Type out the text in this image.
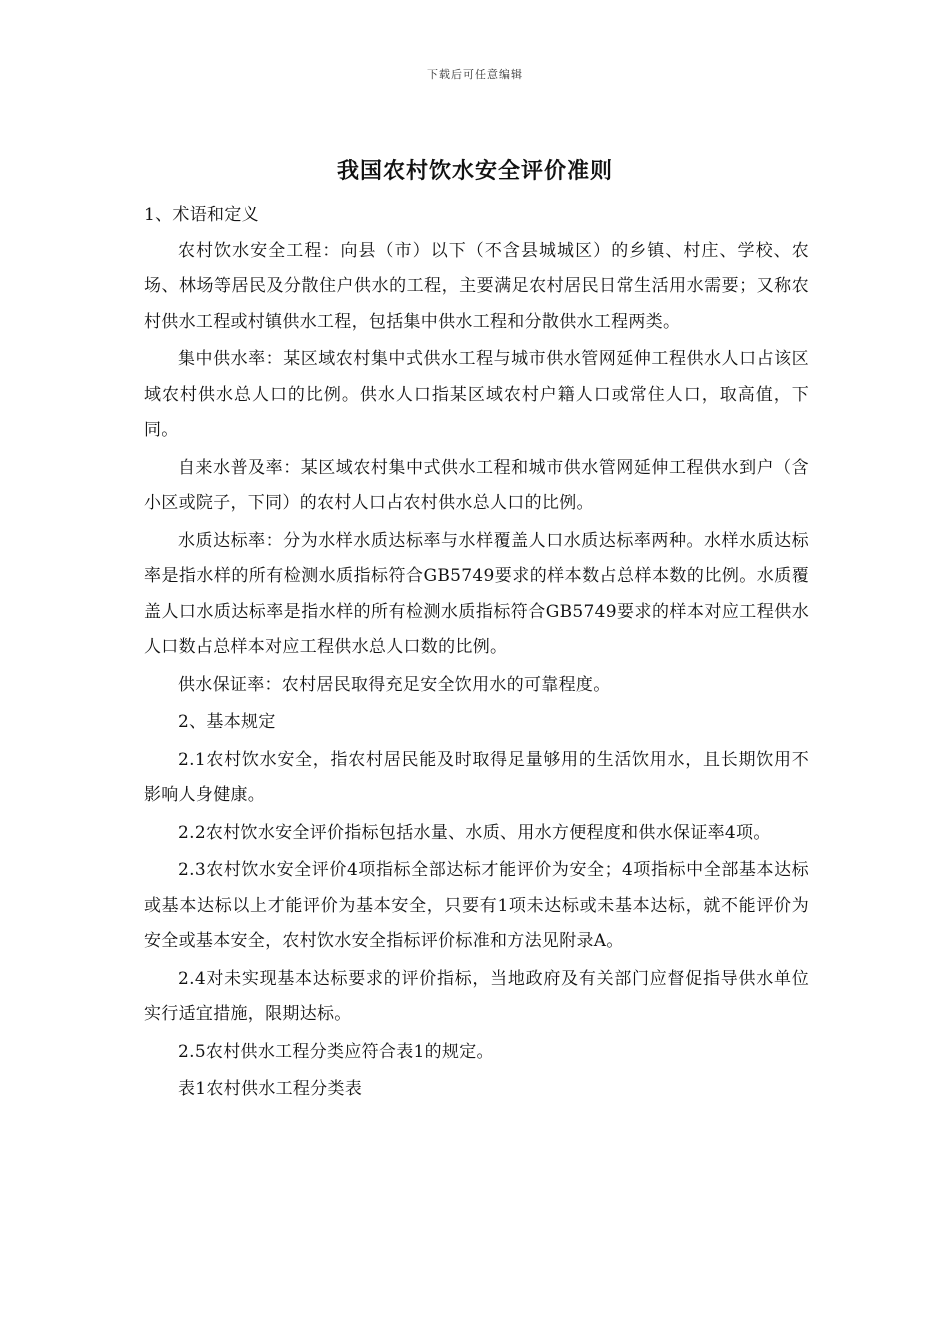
下载后可任意编辑
我国农村饮水安全评价准则

1、术语和定义

农村饮水安全工程：向县（市）以下（不含县城城区）的乡镇、村庄、学校、农场、林场等居民及分散住户供水的工程，主要满足农村居民日常生活用水需要；又称农村供水工程或村镇供水工程，包括集中供水工程和分散供水工程两类。

集中供水率：某区域农村集中式供水工程与城市供水管网延伸工程供水人口占该区域农村供水总人口的比例。供水人口指某区域农村户籍人口或常住人口，取高值，下同。

自来水普及率：某区域农村集中式供水工程和城市供水管网延伸工程供水到户（含小区或院子，下同）的农村人口占农村供水总人口的比例。

水质达标率：分为水样水质达标率与水样覆盖人口水质达标率两种。水样水质达标率是指水样的所有检测水质指标符合GB5749要求的样本数占总样本数的比例。水质覆盖人口水质达标率是指水样的所有检测水质指标符合GB5749要求的样本对应工程供水人口数占总样本对应工程供水总人口数的比例。

供水保证率：农村居民取得充足安全饮用水的可靠程度。

2、基本规定

2.1农村饮水安全，指农村居民能及时取得足量够用的生活饮用水，且长期饮用不影响人身健康。

2.2农村饮水安全评价指标包括水量、水质、用水方便程度和供水保证率4项。

2.3农村饮水安全评价4项指标全部达标才能评价为安全；4项指标中全部基本达标或基本达标以上才能评价为基本安全，只要有1项未达标或未基本达标，就不能评价为安全或基本安全，农村饮水安全指标评价标准和方法见附录A。

2.4对未实现基本达标要求的评价指标，当地政府及有关部门应督促指导供水单位实行适宜措施，限期达标。

2.5农村供水工程分类应符合表1的规定。

表1农村供水工程分类表
